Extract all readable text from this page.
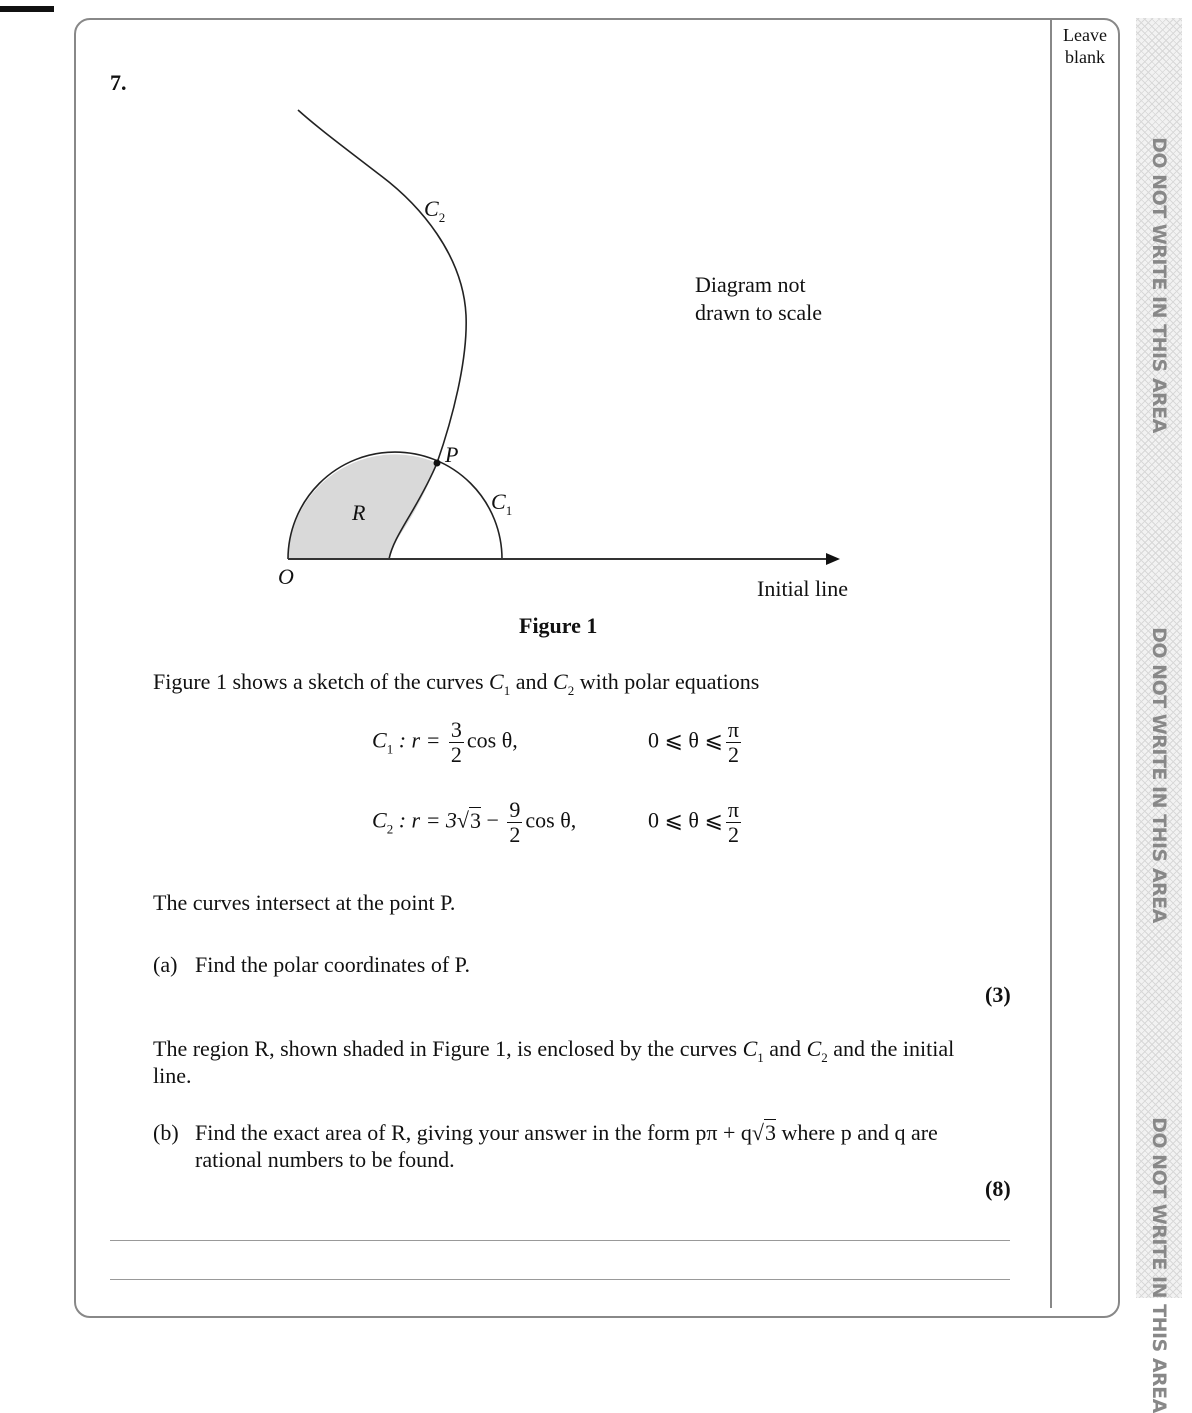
Leave
blank
DO NOT WRITE IN THIS AREA
DO NOT WRITE IN THIS AREA
DO NOT WRITE IN THIS AREA
7.
$C_2$
$C_1$
P
R
O	Initial line
Diagram not
drawn to scale
Figure 1
Figure 1 shows a sketch of the curves $C_1$ and $C_2$ with polar equations
$C_1$ : $r = \frac{3}{2}$ cos θ,	0 ⩽ θ ⩽ $\frac{\pi}{2}$
$C_2$ : $r = 3√3 - \frac{9}{2}$ cos θ,	0 ⩽ θ ⩽ $\frac{\pi}{2}$
The curves intersect at the point P.
(a) Find the polar coordinates of P.
(3)
The region R, shown shaded in Figure 1, is enclosed by the curves $C_1$ and $C_2$ and the initial
line.
(b) Find the exact area of R, giving your answer in the form pπ + q√3 where p and q are
rational numbers to be found.
(8)
